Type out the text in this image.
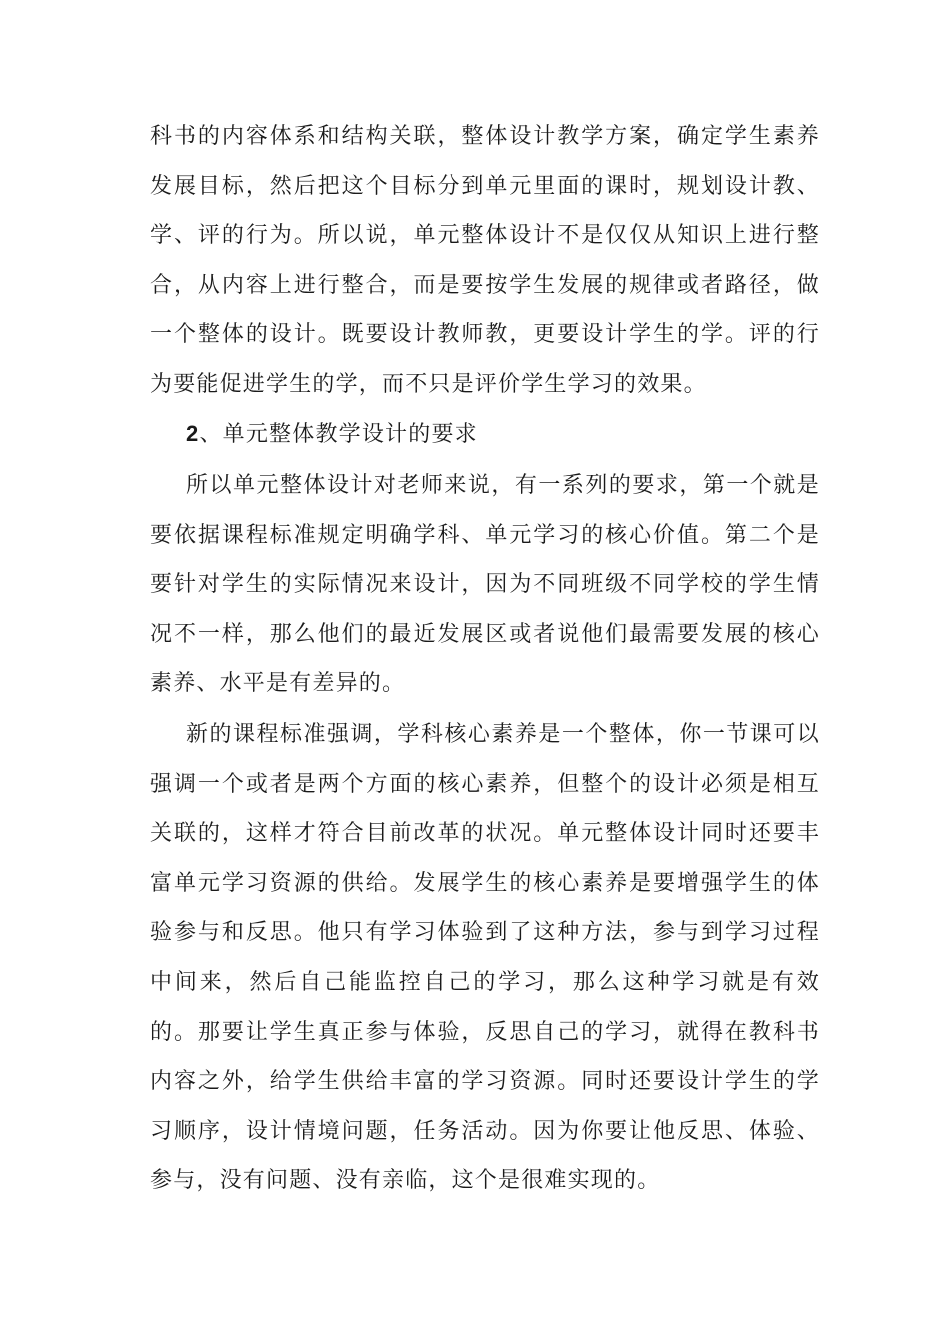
科书的内容体系和结构关联，整体设计教学方案，确定学生素养发展目标，然后把这个目标分到单元里面的课时，规划设计教、学、评的行为。所以说，单元整体设计不是仅仅从知识上进行整合，从内容上进行整合，而是要按学生发展的规律或者路径，做一个整体的设计。既要设计教师教，更要设计学生的学。评的行为要能促进学生的学，而不只是评价学生学习的效果。

2、单元整体教学设计的要求

所以单元整体设计对老师来说，有一系列的要求，第一个就是要依据课程标准规定明确学科、单元学习的核心价值。第二个是要针对学生的实际情况来设计，因为不同班级不同学校的学生情况不一样，那么他们的最近发展区或者说他们最需要发展的核心素养、水平是有差异的。

新的课程标准强调，学科核心素养是一个整体，你一节课可以强调一个或者是两个方面的核心素养，但整个的设计必须是相互关联的，这样才符合目前改革的状况。单元整体设计同时还要丰富单元学习资源的供给。发展学生的核心素养是要增强学生的体验参与和反思。他只有学习体验到了这种方法，参与到学习过程中间来，然后自己能监控自己的学习，那么这种学习就是有效的。那要让学生真正参与体验，反思自己的学习，就得在教科书内容之外，给学生供给丰富的学习资源。同时还要设计学生的学习顺序，设计情境问题，任务活动。因为你要让他反思、体验、参与，没有问题、没有亲临，这个是很难实现的。
